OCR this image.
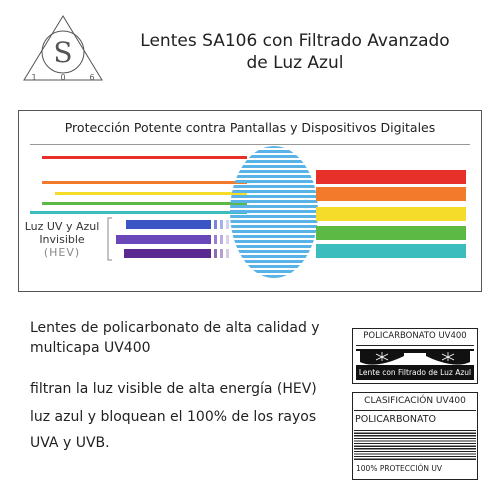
S
1	0	6
Lentes SA106 con Filtrado Avanzado
de Luz Azul
Protección Potente contra Pantallas y Dispositivos Digitales
Luz UV y Azul
Invisible
(HEV)
Lentes de policarbonato de alta calidad y
multicapa UV400
filtran la luz visible de alta energía (HEV)
luz azul y bloquean el 100% de los rayos
UVA y UVB.
POLICARBONATO UV400
Lente con Filtrado de Luz Azul
CLASIFICACIÓN UV400
POLICARBONATO
100% PROTECCIÓN UV
